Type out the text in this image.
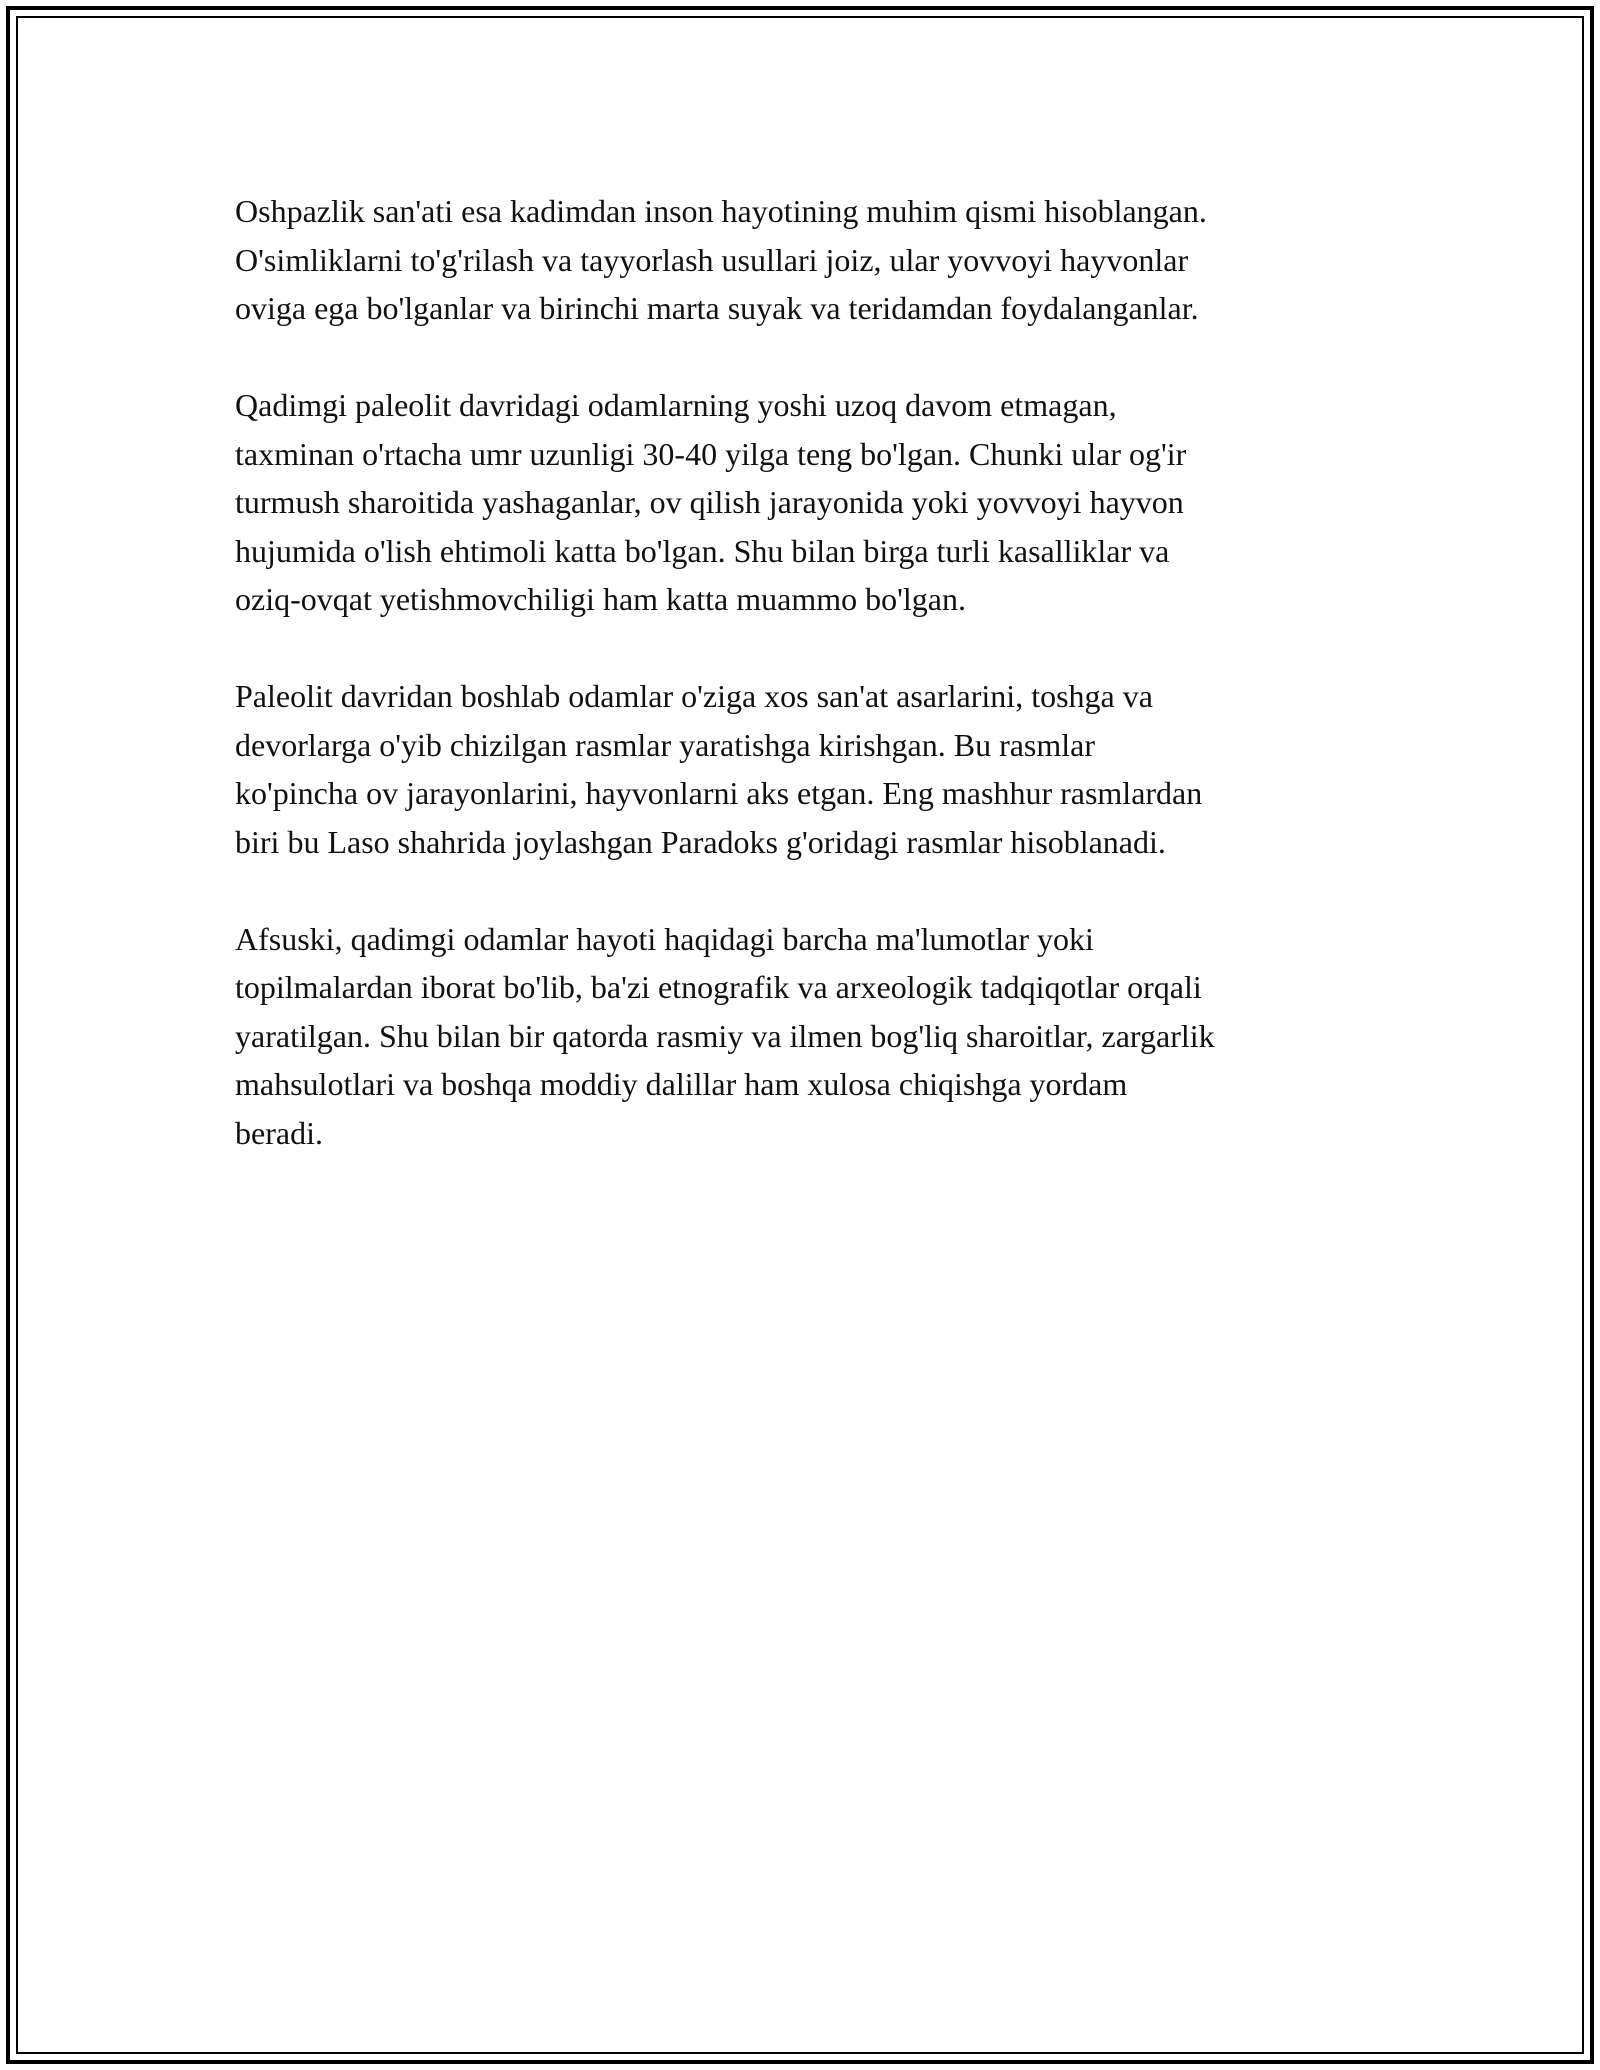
Oshpazlik san'ati esa kadimdan inson hayotining muhim qismi hisoblangan.
O'simliklarni to'g'rilash va tayyorlash usullari joiz, ular yovvoyi hayvonlar
oviga ega bo'lganlar va birinchi marta suyak va teridamdan foydalanganlar.

Qadimgi paleolit davridagi odamlarning yoshi uzoq davom etmagan,
taxminan o'rtacha umr uzunligi 30-40 yilga teng bo'lgan. Chunki ular og'ir
turmush sharoitida yashaganlar, ov qilish jarayonida yoki yovvoyi hayvon
hujumida o'lish ehtimoli katta bo'lgan. Shu bilan birga turli kasalliklar va
oziq-ovqat yetishmovchiligi ham katta muammo bo'lgan.

Paleolit davridan boshlab odamlar o'ziga xos san'at asarlarini, toshga va
devorlarga o'yib chizilgan rasmlar yaratishga kirishgan. Bu rasmlar
ko'pincha ov jarayonlarini, hayvonlarni aks etgan. Eng mashhur rasmlardan
biri bu Laso shahrida joylashgan Paradoks g'oridagi rasmlar hisoblanadi.

Afsuski, qadimgi odamlar hayoti haqidagi barcha ma'lumotlar yoki
topilmalardan iborat bo'lib, ba'zi etnografik va arxeologik tadqiqotlar orqali
yaratilgan. Shu bilan bir qatorda rasmiy va ilmen bog'liq sharoitlar, zargarlik
mahsulotlari va boshqa moddiy dalillar ham xulosa chiqishga yordam
beradi.
